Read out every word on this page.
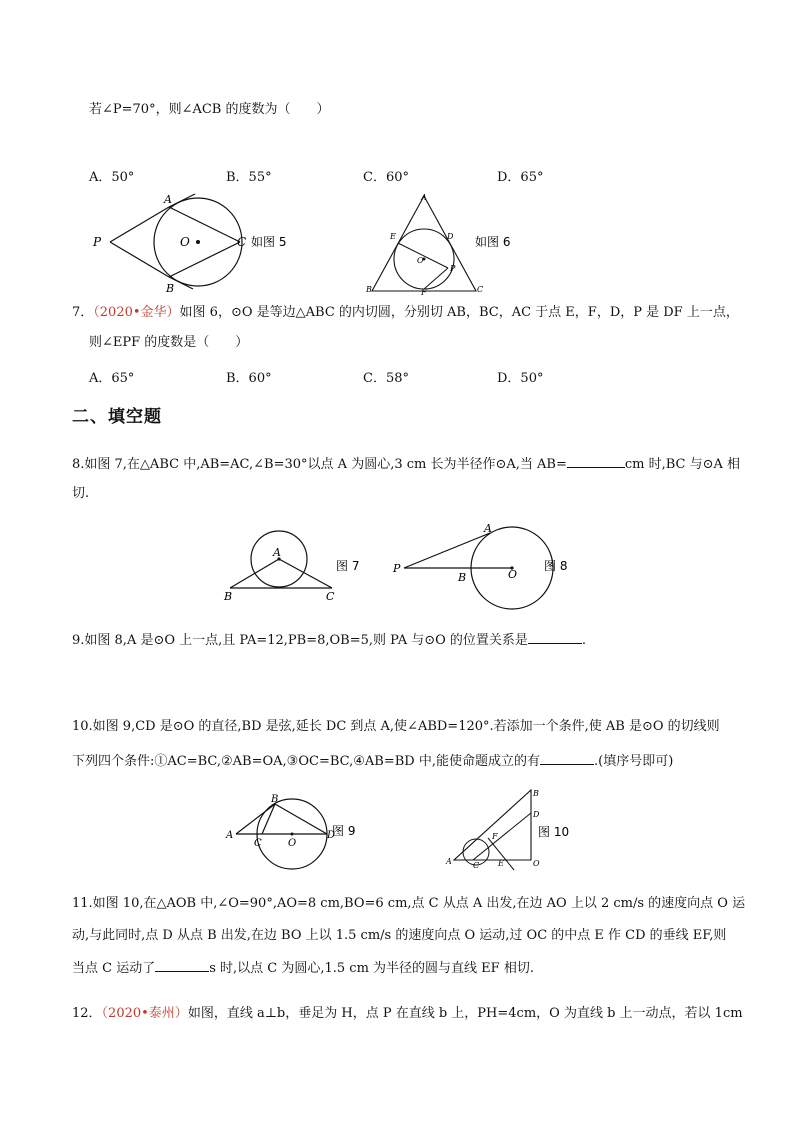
若∠P=70°，则∠ACB 的度数为（　　）
A．50°	B．55°	C．60°	D．65°
A
P	O	C
B
如图 5
A
E	D
O
P
B	F	C
如图 6
7．（2020•金华）如图 6，⊙O 是等边△ABC 的内切圆，分别切 AB，BC，AC 于点 E，F，D，P 是 DF 上一点，
则∠EPF 的度数是（　　）
A．65°	B．60°	C．58°	D．50°
二、填空题
8.如图 7,在△ABC 中,AB=AC,∠B=30°以点 A 为圆心,3 cm 长为半径作⊙A,当 AB=	cm 时,BC 与⊙A 相
切.
A
B	C
图 7
A
P
B	O
图 8
9.如图 8,A 是⊙O 上一点,且 PA=12,PB=8,OB=5,则 PA 与⊙O 的位置关系是	.
10.如图 9,CD 是⊙O 的直径,BD 是弦,延长 DC 到点 A,使∠ABD=120°.若添加一个条件,使 AB 是⊙O 的切线则
下列四个条件:①AC=BC,②AB=OA,③OC=BC,④AB=BD 中,能使命题成立的有	.(填序号即可)
B
A
C	O
D
图 9
B
D
F
A	C E	O
图 10
11.如图 10,在△AOB 中,∠O=90°,AO=8 cm,BO=6 cm,点 C 从点 A 出发,在边 AO 上以 2 cm/s 的速度向点 O 运
动,与此同时,点 D 从点 B 出发,在边 BO 上以 1.5 cm/s 的速度向点 O 运动,过 OC 的中点 E 作 CD 的垂线 EF,则
当点 C 运动了	s 时,以点 C 为圆心,1.5 cm 为半径的圆与直线 EF 相切.
12．（2020•泰州）如图，直线 a⊥b，垂足为 H，点 P 在直线 b 上，PH=4cm，O 为直线 b 上一动点，若以 1cm
